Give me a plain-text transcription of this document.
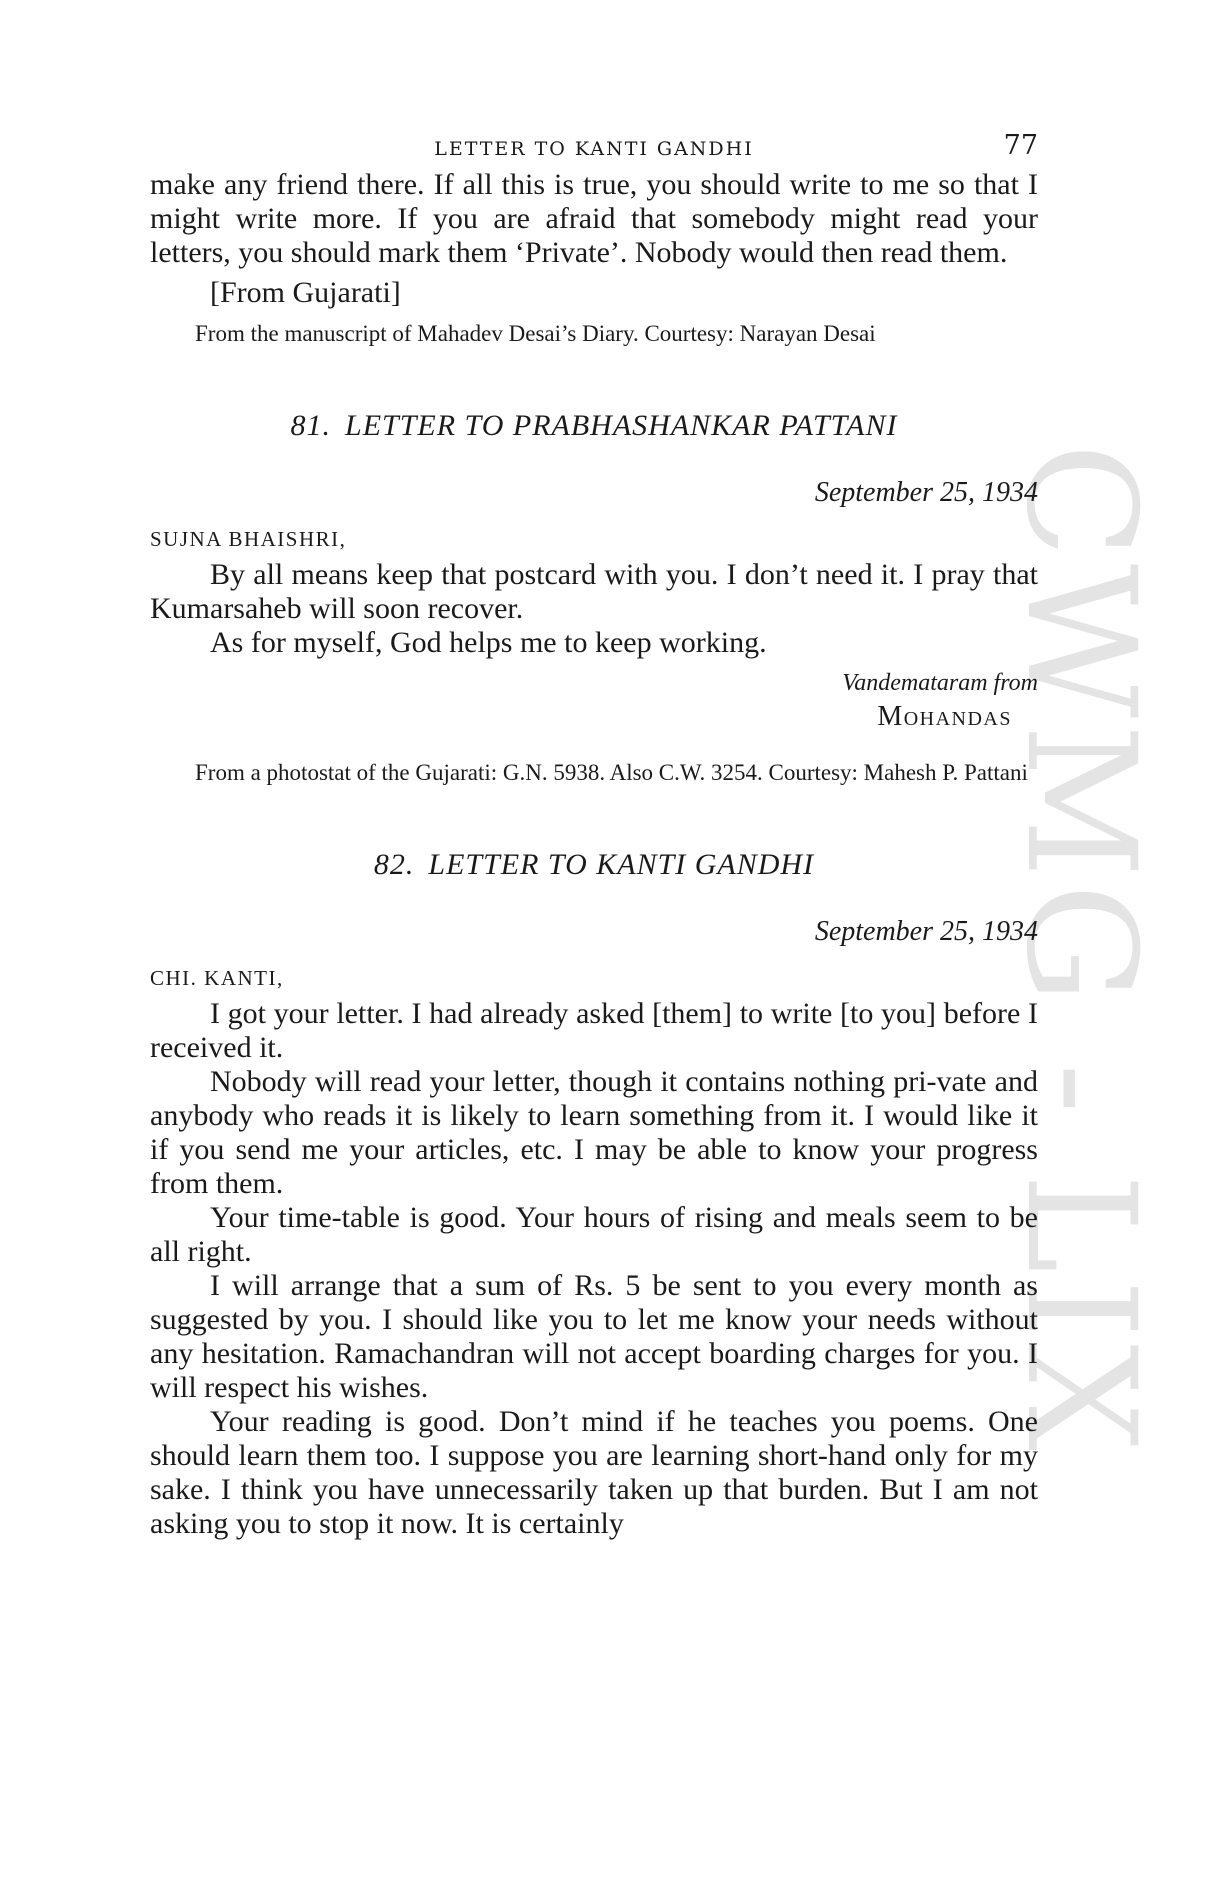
CWMG - LIX
LETTER TO KANTI GANDHI	77

make any friend there. If all this is true, you should write to me so that I might write more. If you are afraid that somebody might read your letters, you should mark them ‘Private’. Nobody would then read them.

[From Gujarati]

From the manuscript of Mahadev Desai’s Diary. Courtesy: Narayan Desai

81. LETTER TO PRABHASHANKAR PATTANI

September 25, 1934

SUJNA BHAISHRI,

By all means keep that postcard with you. I don’t need it. I pray that Kumarsaheb will soon recover.

As for myself, God helps me to keep working.

Vandemataram from

Mohandas

From a photostat of the Gujarati: G.N. 5938. Also C.W. 3254. Courtesy: Mahesh P. Pattani

82. LETTER TO KANTI GANDHI

September 25, 1934

CHI. KANTI,

I got your letter. I had already asked [them] to write [to you] before I received it.

Nobody will read your letter, though it contains nothing pri-vate and anybody who reads it is likely to learn something from it. I would like it if you send me your articles, etc. I may be able to know your progress from them.

Your time-table is good. Your hours of rising and meals seem to be all right.

I will arrange that a sum of Rs. 5 be sent to you every month as suggested by you. I should like you to let me know your needs without any hesitation. Ramachandran will not accept boarding charges for you. I will respect his wishes.

Your reading is good. Don’t mind if he teaches you poems. One should learn them too. I suppose you are learning short-hand only for my sake. I think you have unnecessarily taken up that burden. But I am not asking you to stop it now. It is certainly
